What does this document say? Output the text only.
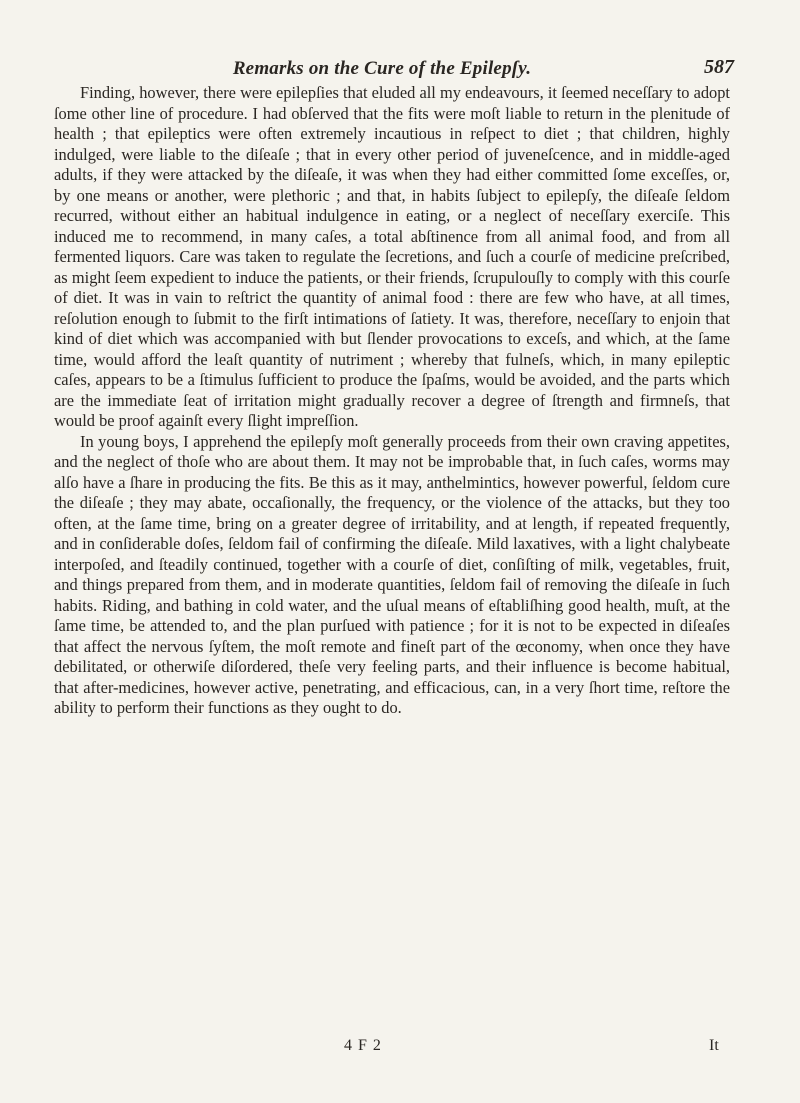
Remarks on the Cure of the Epilepſy.	587

Finding, however, there were epilepſies that eluded all my endeavours, it ſeemed neceſſary to adopt ſome other line of procedure. I had obſerved that the fits were moſt liable to return in the plenitude of health ; that epileptics were often extremely incautious in reſpect to diet ; that children, highly indulged, were liable to the diſeaſe ; that in every other period of juveneſcence, and in middle-aged adults, if they were attacked by the diſeaſe, it was when they had either committed ſome exceſſes, or, by one means or another, were plethoric ; and that, in habits ſubject to epilepſy, the diſeaſe ſeldom recurred, without either an habitual indulgence in eating, or a neglect of neceſſary exerciſe. This induced me to recommend, in many caſes, a total abſtinence from all animal food, and from all fermented liquors. Care was taken to regulate the ſecretions, and ſuch a courſe of medicine preſcribed, as might ſeem expedient to induce the patients, or their friends, ſcrupulouſly to comply with this courſe of diet. It was in vain to reſtrict the quantity of animal food : there are few who have, at all times, reſolution enough to ſubmit to the firſt intimations of ſatiety. It was, therefore, neceſſary to enjoin that kind of diet which was accompanied with but ſlender provocations to exceſs, and which, at the ſame time, would afford the leaſt quantity of nutriment ; whereby that fulneſs, which, in many epileptic caſes, appears to be a ſtimulus ſufficient to produce the ſpaſms, would be avoided, and the parts which are the immediate ſeat of irritation might gradually recover a degree of ſtrength and firmneſs, that would be proof againſt every ſlight impreſſion.

In young boys, I apprehend the epilepſy moſt generally proceeds from their own craving appetites, and the neglect of thoſe who are about them. It may not be improbable that, in ſuch caſes, worms may alſo have a ſhare in producing the fits. Be this as it may, anthelmintics, however powerful, ſeldom cure the diſeaſe ; they may abate, occaſionally, the frequency, or the violence of the attacks, but they too often, at the ſame time, bring on a greater degree of irritability, and at length, if repeated frequently, and in conſiderable doſes, ſeldom fail of confirming the diſeaſe. Mild laxatives, with a light chalybeate interpoſed, and ſteadily continued, together with a courſe of diet, conſiſting of milk, vegetables, fruit, and things prepared from them, and in moderate quantities, ſeldom fail of removing the diſeaſe in ſuch habits. Riding, and bathing in cold water, and the uſual means of eſtabliſhing good health, muſt, at the ſame time, be attended to, and the plan purſued with patience ; for it is not to be expected in diſeaſes that affect the nervous ſyſtem, the moſt remote and fineſt part of the œconomy, when once they have debilitated, or otherwiſe diſordered, theſe very feeling parts, and their influence is become habitual, that after-medicines, however active, penetrating, and efficacious, can, in a very ſhort time, reſtore the ability to perform their functions as they ought to do.

4 F 2	It
